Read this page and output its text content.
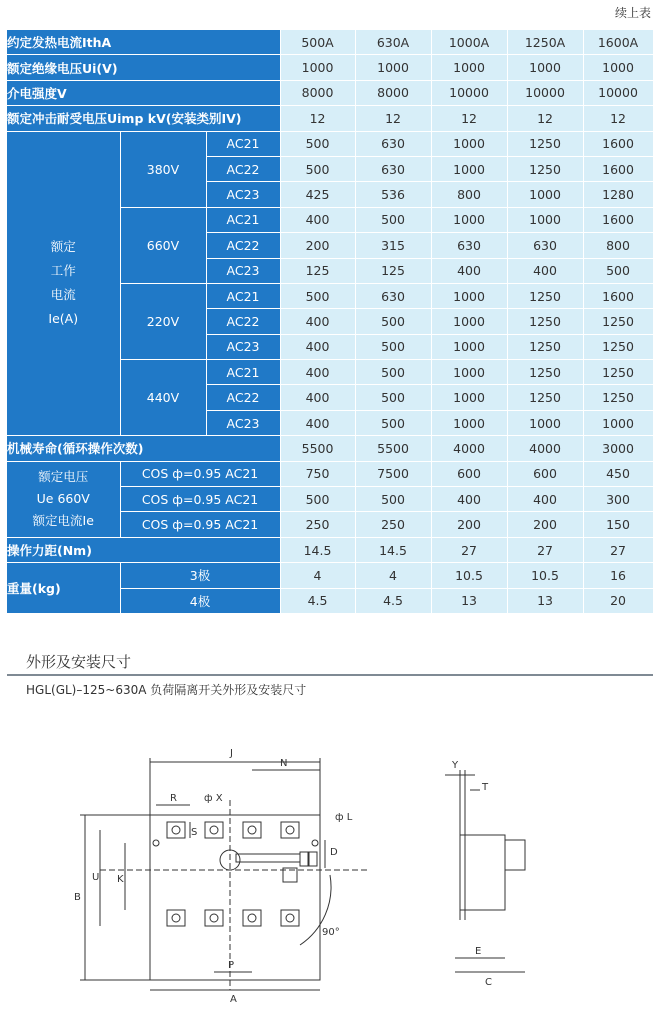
续上表
约定发热电流IthA			500A	630A	1000A	1250A	1600A
额定绝缘电压Ui(V)			1000	1000	1000	1000	1000
介电强度V			8000	8000	10000	10000	10000
额定冲击耐受电压Uimp kV(安装类别IV)			12	12	12	12	12

额定
工作
电流
Ie(A)	380V	AC21	500	630	1000	1250	1600
		AC22	500	630	1000	1250	1600
		AC23	425	536	800	1000	1280
	660V	AC21	400	500	1000	1000	1600
		AC22	200	315	630	630	800
		AC23	125	125	400	400	500
	220V	AC21	500	630	1000	1250	1600
		AC22	400	500	1000	1250	1250
		AC23	400	500	1000	1250	1250
	440V	AC21	400	500	1000	1250	1250
		AC22	400	500	1000	1250	1250
		AC23	400	500	1000	1000	1000
机械寿命(循环操作次数)			5500	5500	4000	4000	3000

额定电压
Ue 660V
额定电流Ie	COS ф=0.95 AC21		750	7500	600	600	450
	COS ф=0.95 AC21		500	500	400	400	300
	COS ф=0.95 AC21		250	250	200	200	150
操作力距(Nm)			14.5	14.5	27	27	27
重量(kg)	3极		4	4	10.5	10.5	16
	4极		4.5	4.5	13	13	20
外形及安装尺寸
HGL(GL)–125~630A 负荷隔离开关外形及安装尺寸
J
N
R	ф X
S
ф L
D
B
U K
90°
P
A
Y
T
E
C
